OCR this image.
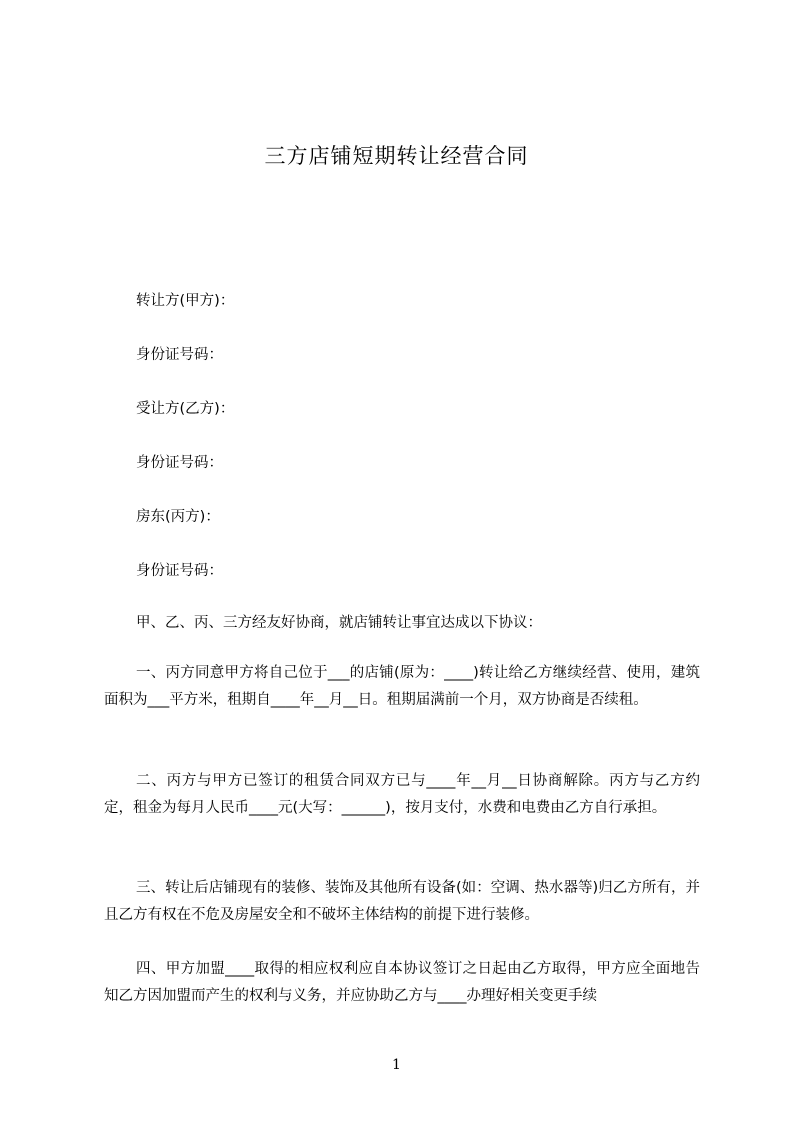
三方店铺短期转让经营合同
转让方(甲方)：
身份证号码：
受让方(乙方)：
身份证号码：
房东(丙方)：
身份证号码：
甲、乙、丙、三方经友好协商，就店铺转让事宜达成以下协议：
一、丙方同意甲方将自己位于___的店铺(原为：____)转让给乙方继续经营、使用，建筑面积为___平方米，租期自____年__月__日。租期届满前一个月，双方协商是否续租。
二、丙方与甲方已签订的租赁合同双方已与____年__月__日协商解除。丙方与乙方约定，租金为每月人民币____元(大写：______)，按月支付，水费和电费由乙方自行承担。
三、转让后店铺现有的装修、装饰及其他所有设备(如：空调、热水器等)归乙方所有，并且乙方有权在不危及房屋安全和不破坏主体结构的前提下进行装修。
四、甲方加盟____取得的相应权利应自本协议签订之日起由乙方取得，甲方应全面地告知乙方因加盟而产生的权利与义务，并应协助乙方与____办理好相关变更手续
1
